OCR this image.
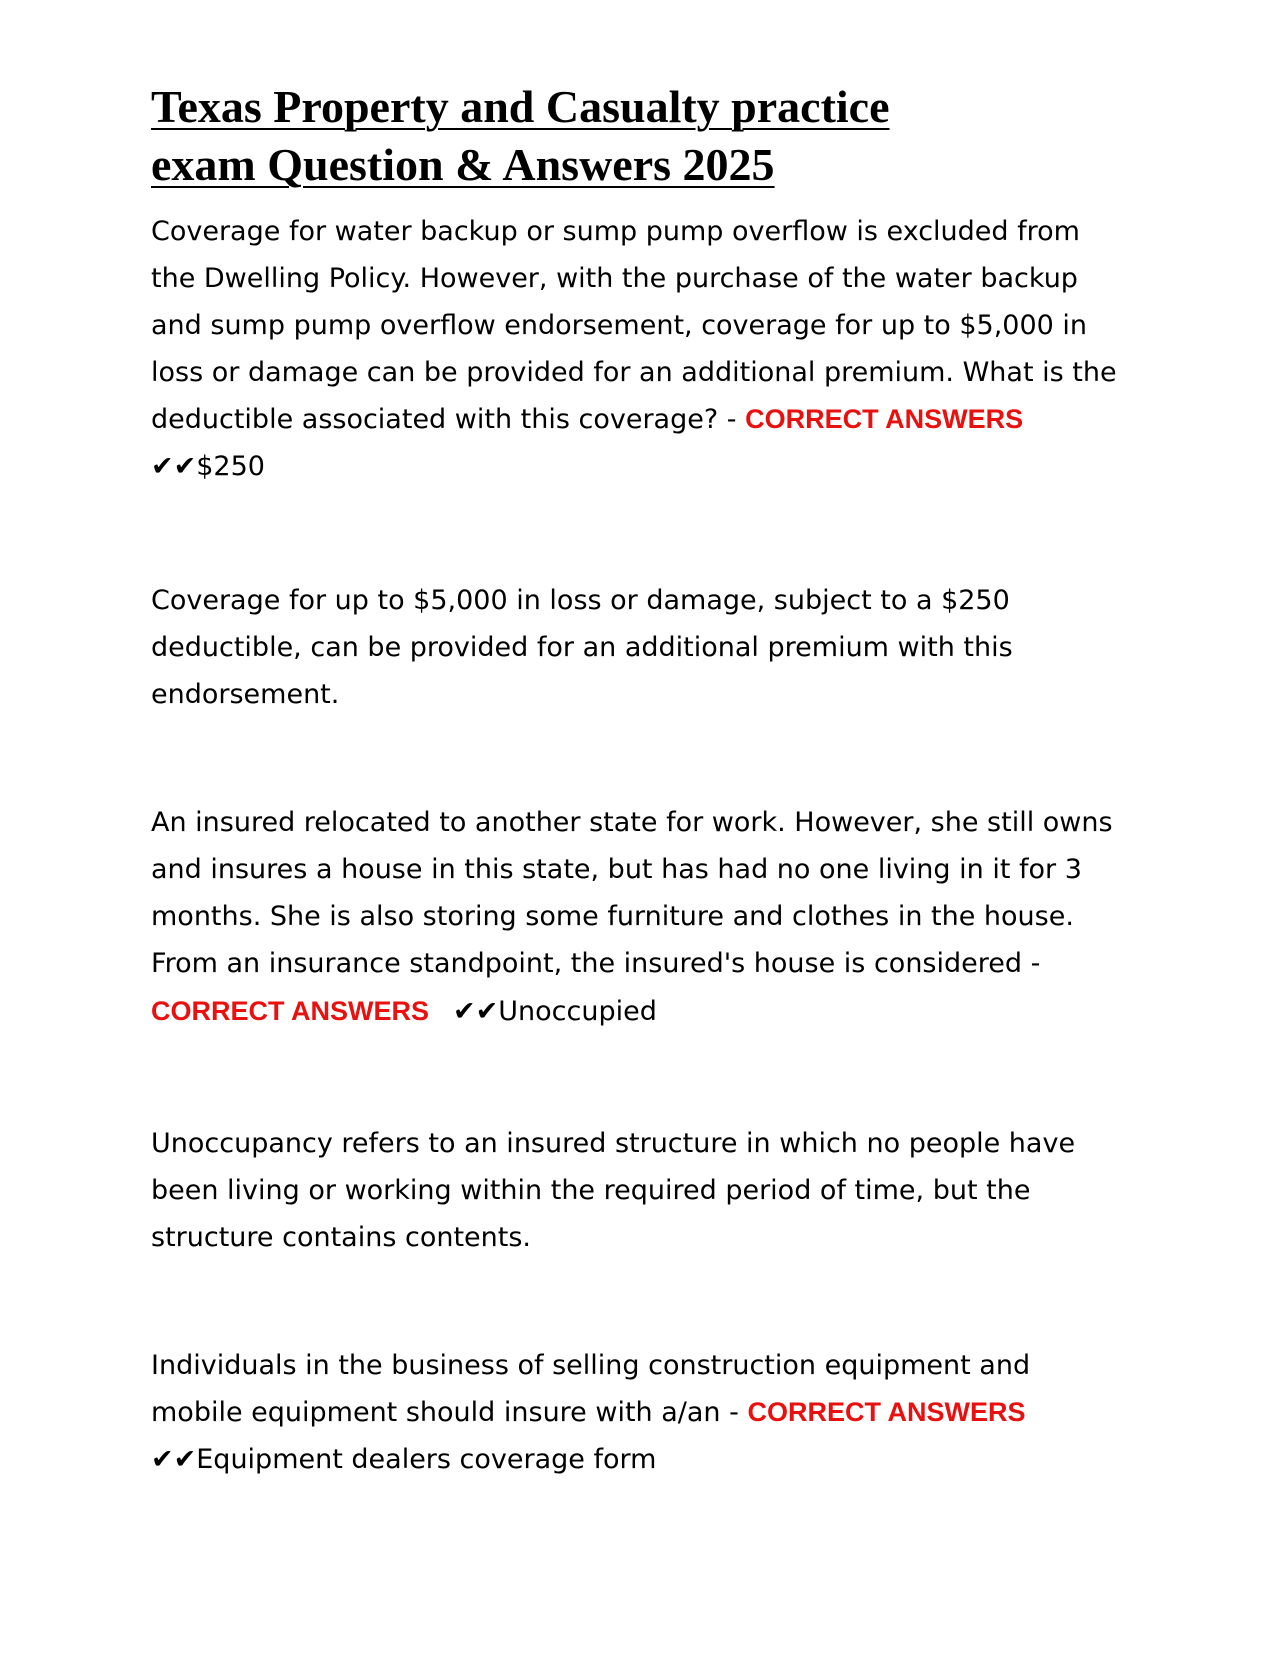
Texas Property and Casualty practice
exam Question & Answers 2025

Coverage for water backup or sump pump overflow is excluded from
the Dwelling Policy. However, with the purchase of the water backup
and sump pump overflow endorsement, coverage for up to $5,000 in
loss or damage can be provided for an additional premium. What is the
deductible associated with this coverage? - CORRECT ANSWERS

✔✔$250

Coverage for up to $5,000 in loss or damage, subject to a $250
deductible, can be provided for an additional premium with this
endorsement.

An insured relocated to another state for work. However, she still owns
and insures a house in this state, but has had no one living in it for 3
months. She is also storing some furniture and clothes in the house.
From an insurance standpoint, the insured's house is considered -

CORRECT ANSWERS ✔✔Unoccupied

Unoccupancy refers to an insured structure in which no people have
been living or working within the required period of time, but the
structure contains contents.

Individuals in the business of selling construction equipment and
mobile equipment should insure with a/an - CORRECT ANSWERS

✔✔Equipment dealers coverage form
